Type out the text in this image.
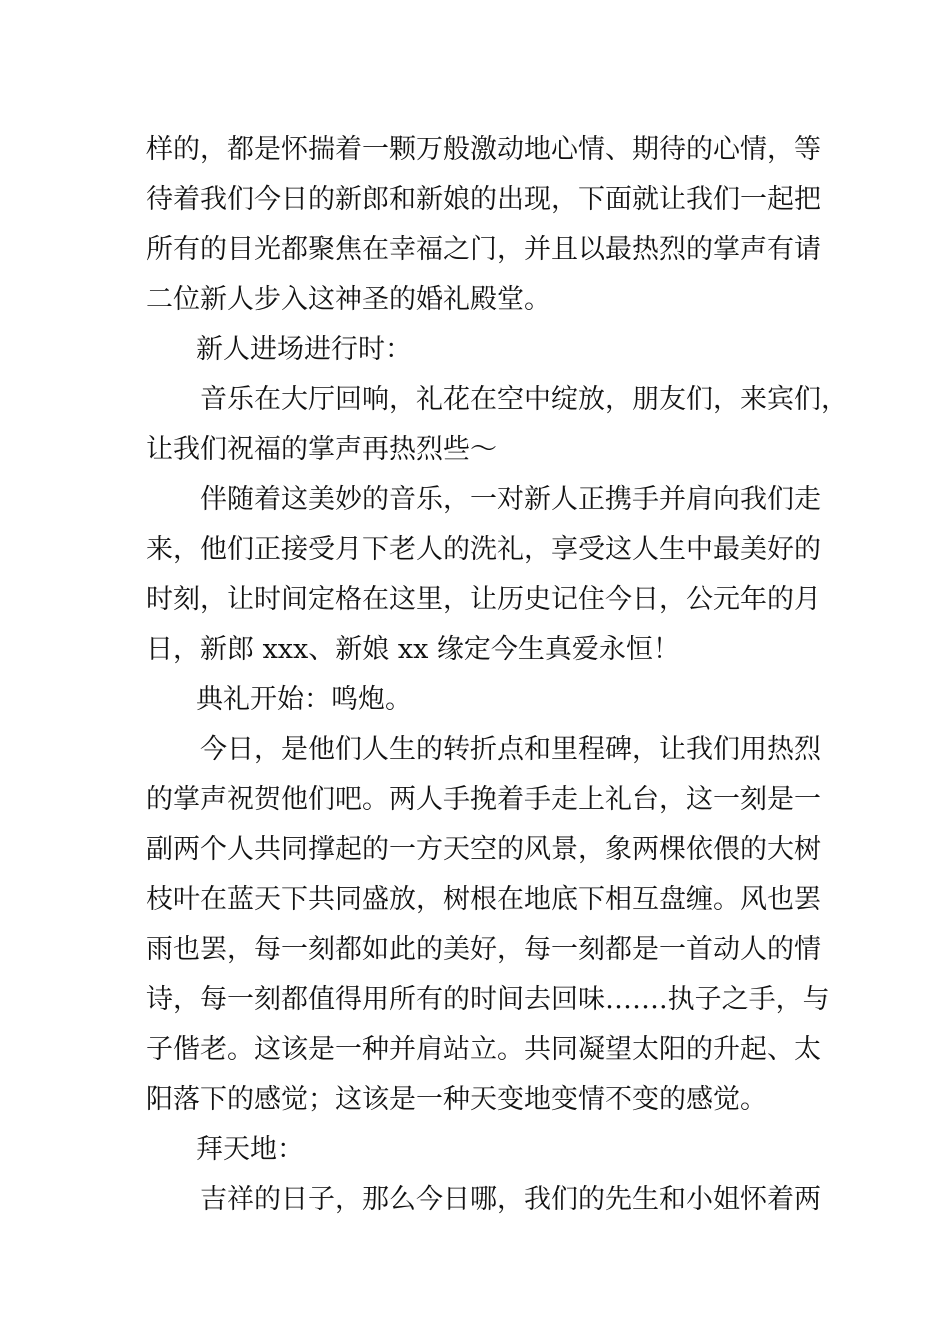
样的，都是怀揣着一颗万般激动地心情、期待的心情，等
待着我们今日的新郎和新娘的出现，下面就让我们一起把
所有的目光都聚焦在幸福之门，并且以最热烈的掌声有请
二位新人步入这神圣的婚礼殿堂。
新人进场进行时：
音乐在大厅回响，礼花在空中绽放，朋友们，来宾们，
让我们祝福的掌声再热烈些～
伴随着这美妙的音乐，一对新人正携手并肩向我们走
来，他们正接受月下老人的洗礼，享受这人生中最美好的
时刻，让时间定格在这里，让历史记住今日，公元年的月
日，新郎 xxx、新娘 xx 缘定今生真爱永恒！
典礼开始：鸣炮。
今日，是他们人生的转折点和里程碑，让我们用热烈
的掌声祝贺他们吧。两人手挽着手走上礼台，这一刻是一
副两个人共同撑起的一方天空的风景，象两棵依偎的大树
枝叶在蓝天下共同盛放，树根在地底下相互盘缠。风也罢
雨也罢，每一刻都如此的美好，每一刻都是一首动人的情
诗，每一刻都值得用所有的时间去回味…….执子之手，与
子偕老。这该是一种并肩站立。共同凝望太阳的升起、太
阳落下的感觉；这该是一种天变地变情不变的感觉。
拜天地：
吉祥的日子，那么今日哪，我们的先生和小姐怀着两
